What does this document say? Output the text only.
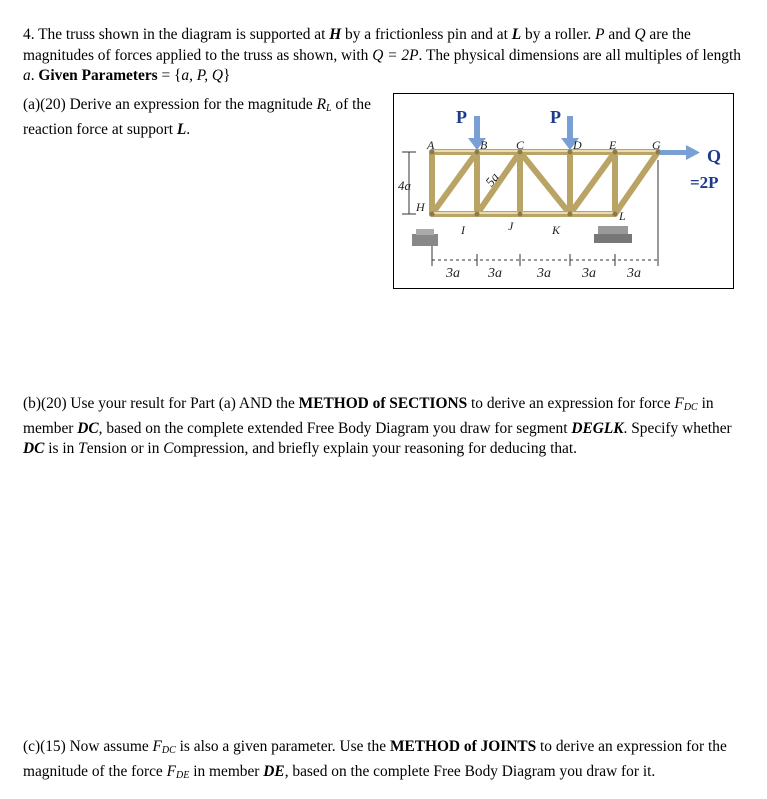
4. The truss shown in the diagram is supported at H by a frictionless pin and at L by a roller. P and Q are the magnitudes of forces applied to the truss as shown, with Q = 2P. The physical dimensions are all multiples of length a. Given Parameters = {a, P, Q}
(a)(20) Derive an expression for the magnitude $R_L$ of the reaction force at support L.
P	P
Q
=2P
A	B C	D E	G
H
I	J	K
L
4a	5a
3a 3a	3a 3a 3a
(b)(20) Use your result for Part (a) AND the METHOD of SECTIONS to derive an expression for force $F_{DC}$ in member DC, based on the complete extended Free Body Diagram you draw for segment DEGLK. Specify whether DC is in Tension or in Compression, and briefly explain your reasoning for deducing that.
(c)(15) Now assume $F_{DC}$ is also a given parameter. Use the METHOD of JOINTS to derive an expression for the magnitude of the force $F_{DE}$ in member DE, based on the complete Free Body Diagram you draw for it.
